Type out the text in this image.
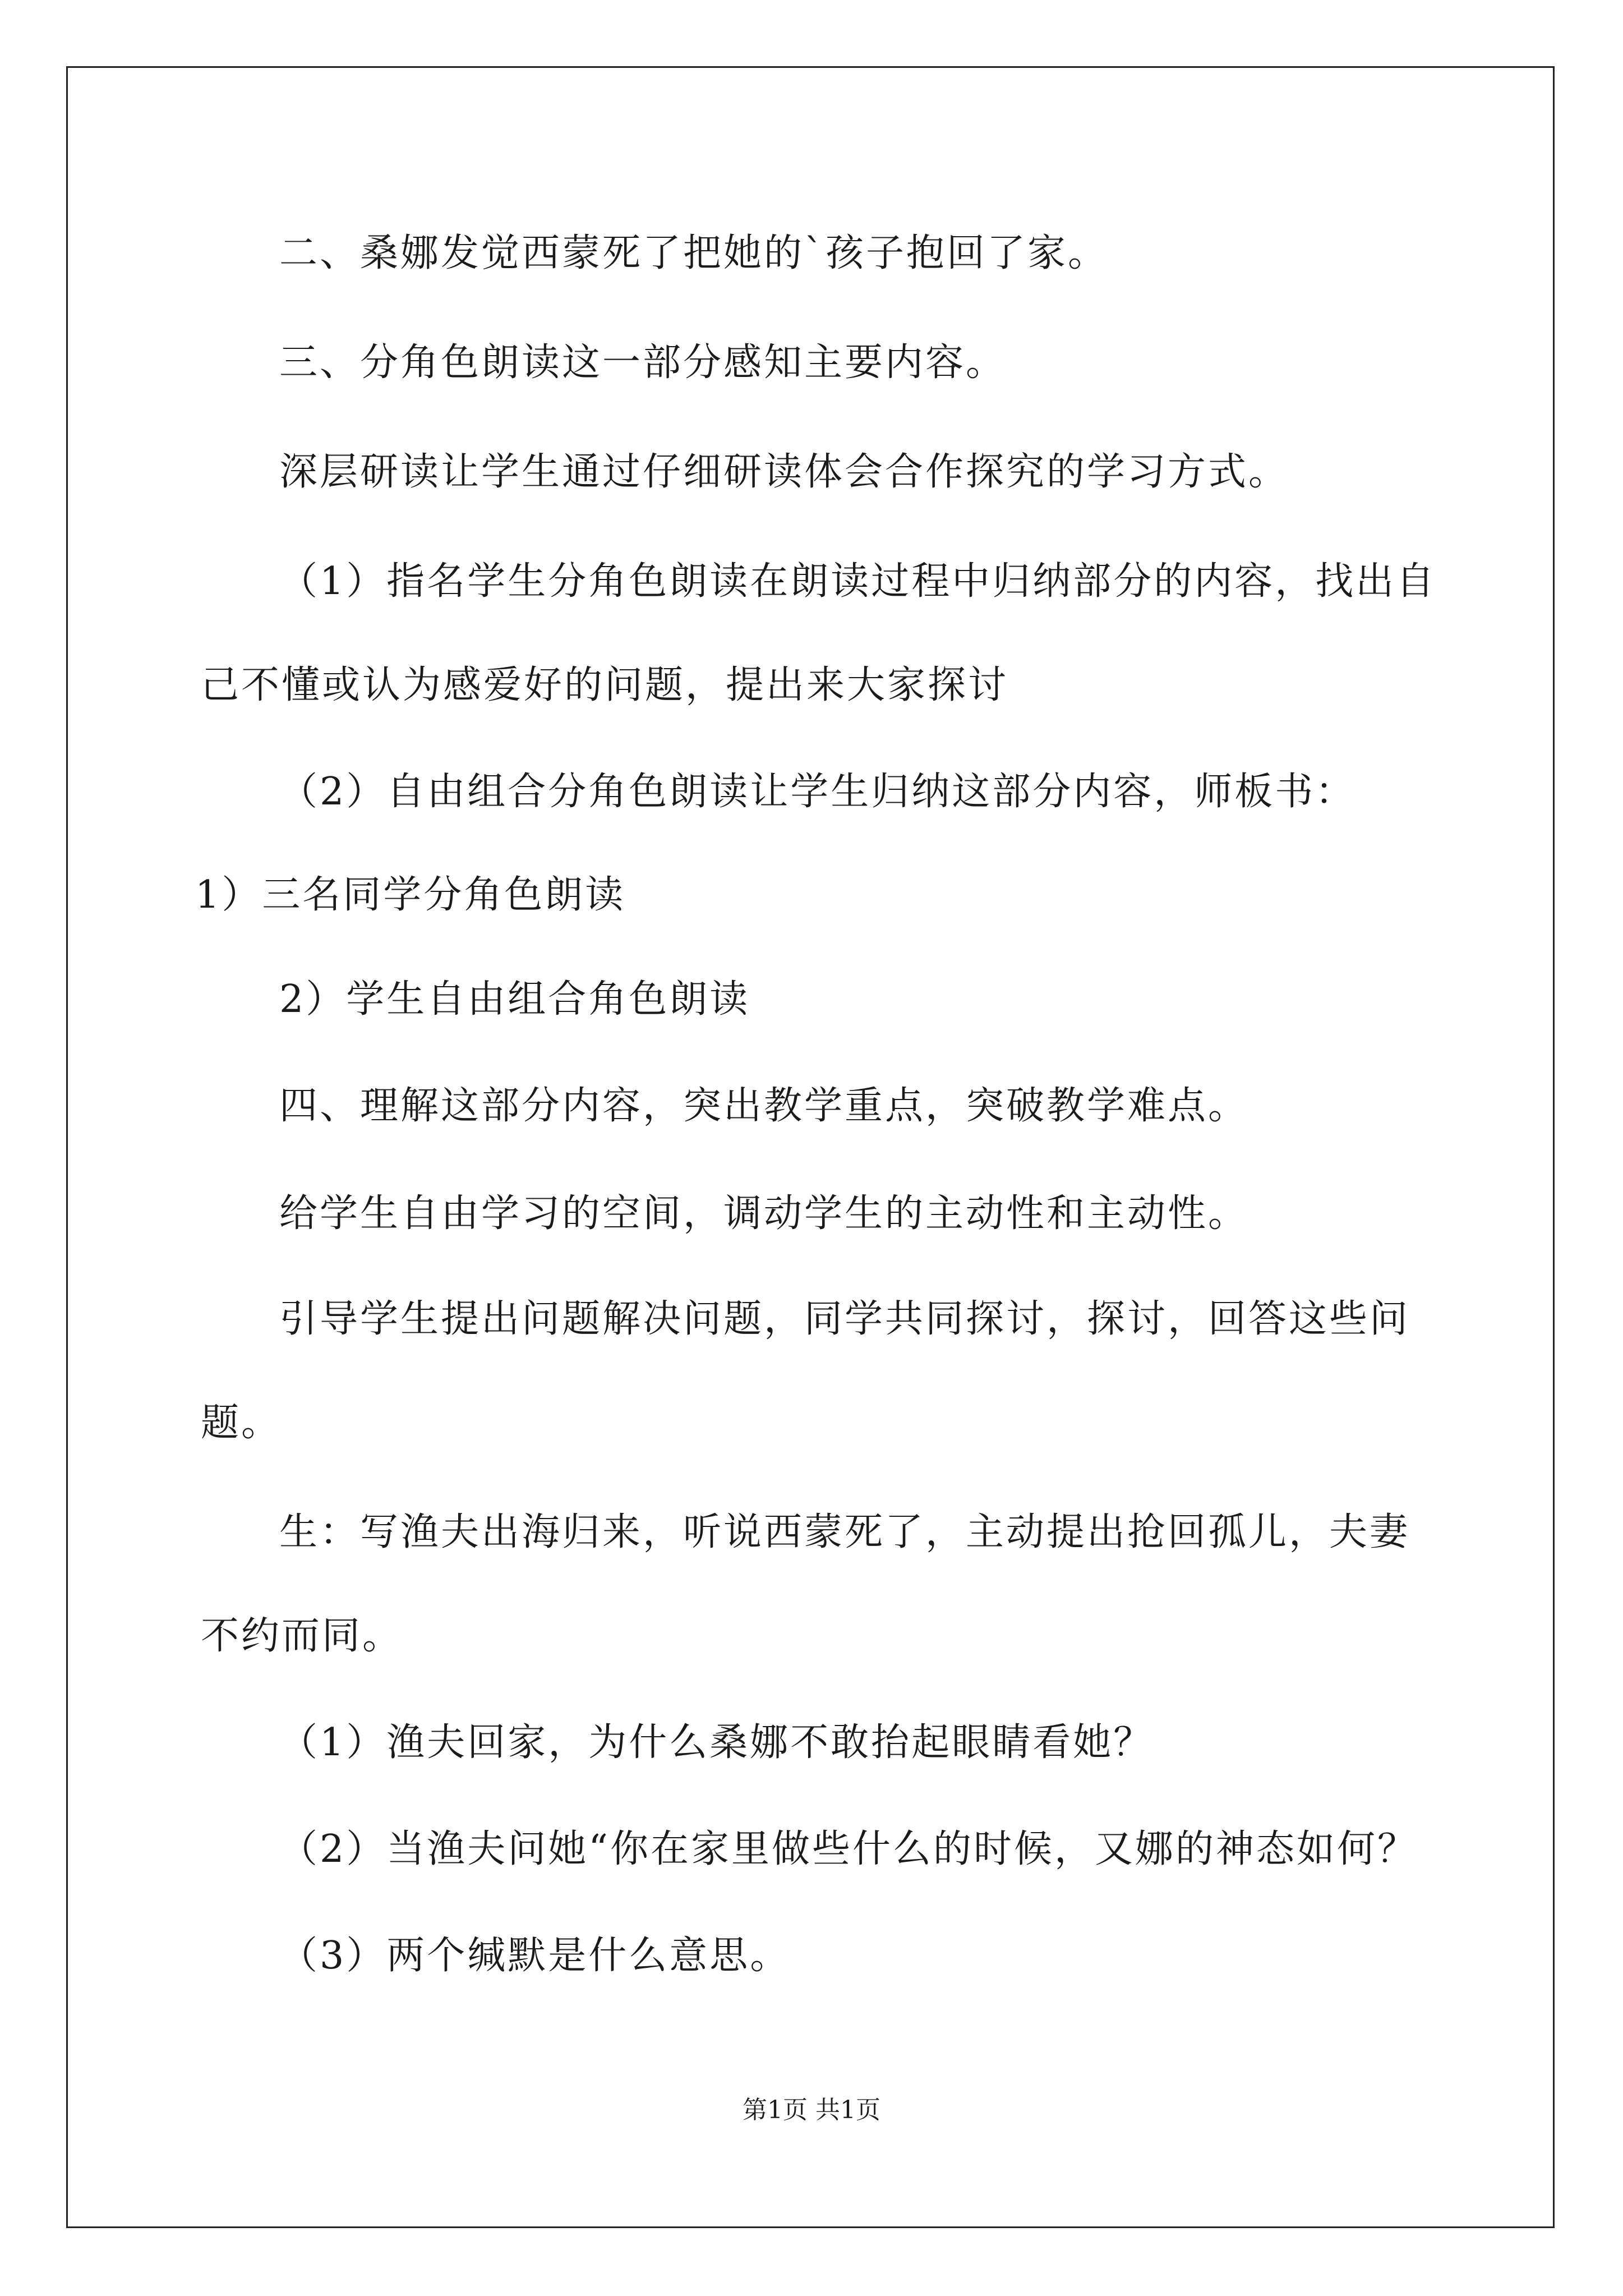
二、桑娜发觉西蒙死了把她的`孩子抱回了家。
三、分角色朗读这一部分感知主要内容。
深层研读让学生通过仔细研读体会合作探究的学习方式。
（1）指名学生分角色朗读在朗读过程中归纳部分的内容，找出自
己不懂或认为感爱好的问题，提出来大家探讨
（2）自由组合分角色朗读让学生归纳这部分内容，师板书：
1）三名同学分角色朗读
2）学生自由组合角色朗读
四、理解这部分内容，突出教学重点，突破教学难点。
给学生自由学习的空间，调动学生的主动性和主动性。
引导学生提出问题解决问题，同学共同探讨，探讨，回答这些问
题。
生：写渔夫出海归来，听说西蒙死了，主动提出抢回孤儿，夫妻
不约而同。
（1）渔夫回家，为什么桑娜不敢抬起眼睛看她？
（2）当渔夫问她“你在家里做些什么的时候，又娜的神态如何？
（3）两个缄默是什么意思。
第1页 共1页
